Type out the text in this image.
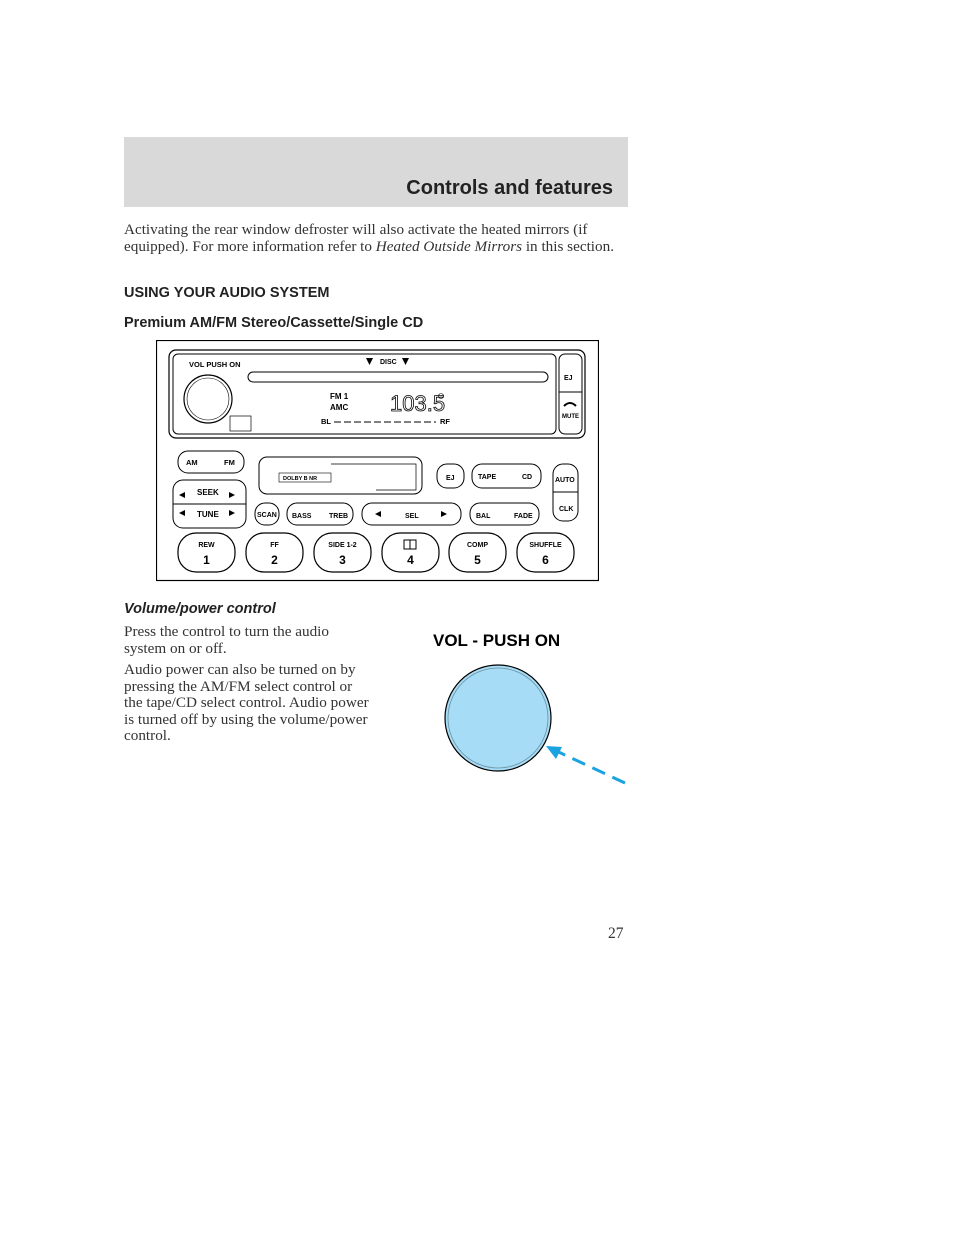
Controls and features

Activating the rear window defroster will also activate the heated mirrors (if equipped). For more information refer to Heated Outside Mirrors in this section.

USING YOUR AUDIO SYSTEM

Premium AM/FM Stereo/Cassette/Single CD

VOL PUSH ON	DISC
FM 1
AMC 103.5
BL	RF
EJ
MUTE
AM	FM
SEEK
TUNE
DOLBY B NR	EJ	TAPE	CD	AUTO
CLK
SCAN BASS	TREB	SEL	BAL	FADE
REW
1
FF
2
SIDE 1-2
3	4
COMP
5
SHUFFLE
6

Volume/power control

Press the control to turn the audio system on or off.

Audio power can also be turned on by pressing the AM/FM select control or the tape/CD select control. Audio power is turned off by using the volume/power control.

VOL - PUSH ON
27
